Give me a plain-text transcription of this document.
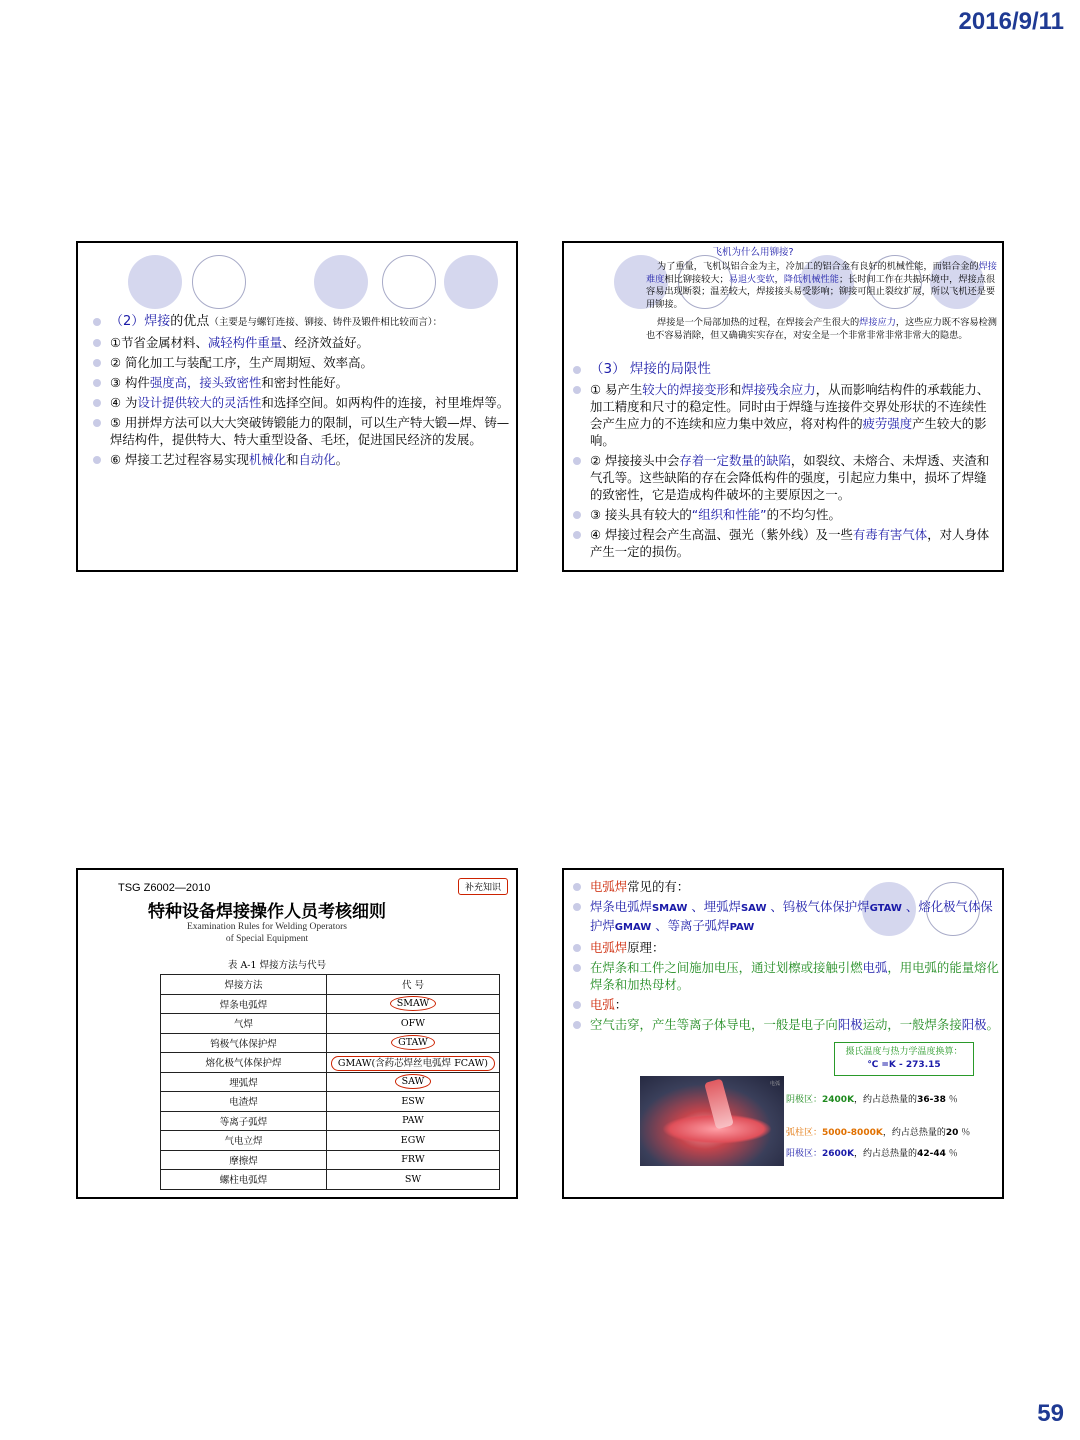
2016/9/11
（2）焊接的优点（主要是与螺钉连接、铆接、铸件及锻件相比较而言）：
①节省金属材料、减轻构件重量、经济效益好。
② 简化加工与装配工序，生产周期短、效率高。
③ 构件强度高，接头致密性和密封性能好。
④ 为设计提供较大的灵活性和选择空间。如两构件的连接，衬里堆焊等。
⑤ 用拼焊方法可以大大突破铸锻能力的限制，可以生产特大锻—焊、铸—焊结构件，提供特大、特大重型设备、毛坯，促进国民经济的发展。
⑥ 焊接工艺过程容易实现机械化和自动化。
飞机为什么用铆接?
为了重量，飞机以铝合金为主，冷加工的铝合金有良好的机械性能，而铝合金的焊接难度相比铆接较大；易退火变软，降低机械性能；长时间工作在共振环境中，焊接点很容易出现断裂；温差较大，焊接接头易受影响；铆接可阻止裂纹扩展，所以飞机还是要用铆接。
焊接是一个局部加热的过程，在焊接会产生很大的焊接应力，这些应力既不容易检测也不容易消除，但又确确实实存在，对安全是一个非常非常非常非常大的隐患。
（3） 焊接的局限性
① 易产生较大的焊接变形和焊接残余应力，从而影响结构件的承载能力、加工精度和尺寸的稳定性。同时由于焊缝与连接件交界处形状的不连续性会产生应力的不连续和应力集中效应，将对构件的疲劳强度产生较大的影响。
② 焊接接头中会存着一定数量的缺陷，如裂纹、未熔合、未焊透、夹渣和气孔等。这些缺陷的存在会降低构件的强度，引起应力集中，损坏了焊缝的致密性，它是造成构件破坏的主要原因之一。
③ 接头具有较大的“组织和性能”的不均匀性。
④ 焊接过程会产生高温、强光（紫外线）及一些有毒有害气体，对人身体产生一定的损伤。
TSG Z6002—2010	补充知识
特种设备焊接操作人员考核细则
Examination Rules for Welding Operators
of Special Equipment
表 A-1 焊接方法与代号
焊接方法	代 号
焊条电弧焊	SMAW
气焊	OFW
钨极气体保护焊	GTAW
熔化极气体保护焊	GMAW(含药芯焊丝电弧焊 FCAW)
埋弧焊	SAW
电渣焊	ESW
等离子弧焊	PAW
气电立焊	EGW
摩擦焊	FRW
螺柱电弧焊	SW
电弧焊常见的有：
焊条电弧焊SMAW 、埋弧焊SAW 、钨极气体保护焊GTAW 、熔化极气体保护焊GMAW 、等离子弧焊PAW
电弧焊原理：
在焊条和工件之间施加电压，通过划檫或接触引燃电弧，用电弧的能量熔化焊条和加热母材。
电弧：
空气击穿，产生等离子体导电，一般是电子向阳极运动，一般焊条接阳极。
摄氏温度与热力学温度换算：
℃ =K - 273.15
电弧
阴极区：2400K，约占总热量的36-38 ％
弧柱区：5000-8000K，约占总热量的20 ％
阳极区：2600K，约占总热量的42-44 ％
59
